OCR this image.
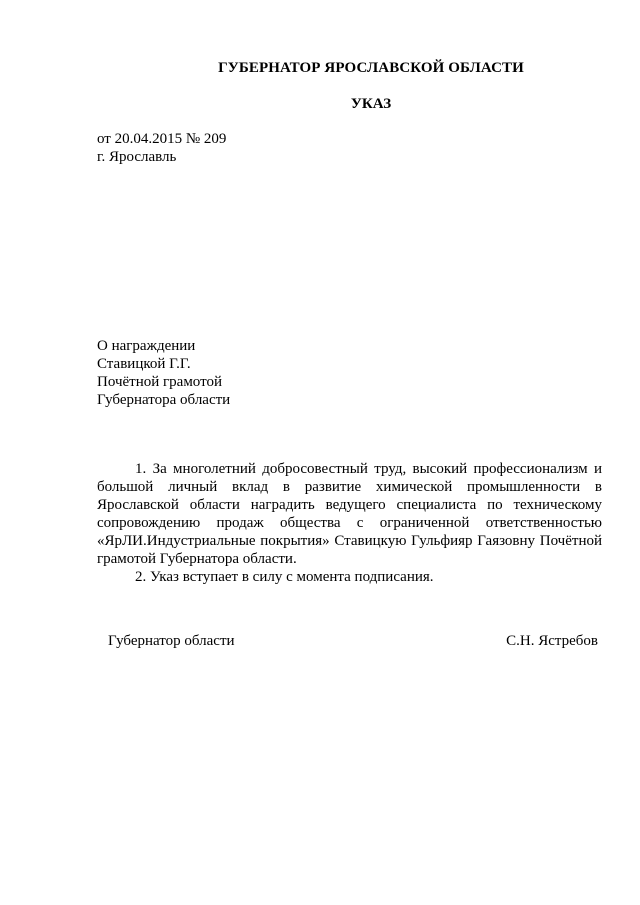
ГУБЕРНАТОР ЯРОСЛАВСКОЙ ОБЛАСТИ
УКАЗ
от 20.04.2015 № 209
г. Ярославль
О награждении
Ставицкой Г.Г.
Почётной грамотой
Губернатора области

1. За многолетний добросовестный труд, высокий профессионализм и большой личный вклад в развитие химической промышленности в Ярославской области наградить ведущего специалиста по техническому сопровождению продаж общества с ограниченной ответственностью «ЯрЛИ.Индустриальные покрытия» Ставицкую Гульфияр Гаязовну Почётной грамотой Губернатора области.

2. Указ вступает в силу с момента подписания.

Губернатор области	С.Н. Ястребов
